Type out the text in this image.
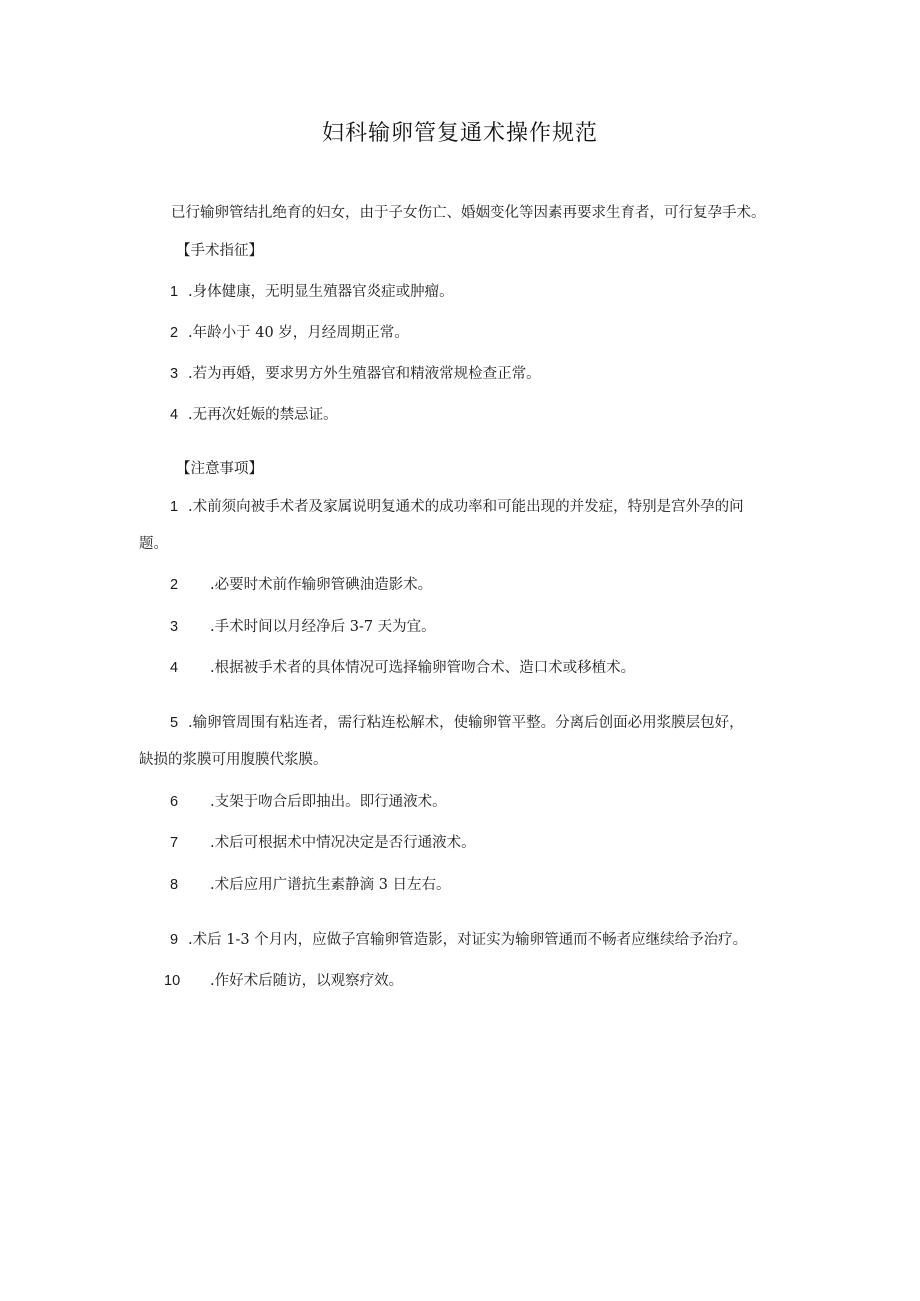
妇科输卵管复通术操作规范
已行输卵管结扎绝育的妇女，由于子女伤亡、婚姻变化等因素再要求生育者，可行复孕手术。
【手术指征】
1 .身体健康，无明显生殖器官炎症或肿瘤。
2 .年龄小于 40 岁，月经周期正常。
3 .若为再婚，要求男方外生殖器官和精液常规检查正常。
4 .无再次妊娠的禁忌证。
【注意事项】
1 .术前须向被手术者及家属说明复通术的成功率和可能出现的并发症，特别是宫外孕的问
题。
2 .必要时术前作输卵管碘油造影术。
3 .手术时间以月经净后 3-7 天为宜。
4 .根据被手术者的具体情况可选择输卵管吻合术、造口术或移植术。
5 .输卵管周围有粘连者，需行粘连松解术，使输卵管平整。分离后创面必用浆膜层包好，
缺损的浆膜可用腹膜代浆膜。
6 .支架于吻合后即抽出。即行通液术。
7 .术后可根据术中情况决定是否行通液术。
8 .术后应用广谱抗生素静滴 3 日左右。
9 .术后 1-3 个月内，应做子宫输卵管造影，对证实为输卵管通而不畅者应继续给予治疗。
10 .作好术后随访，以观察疗效。
